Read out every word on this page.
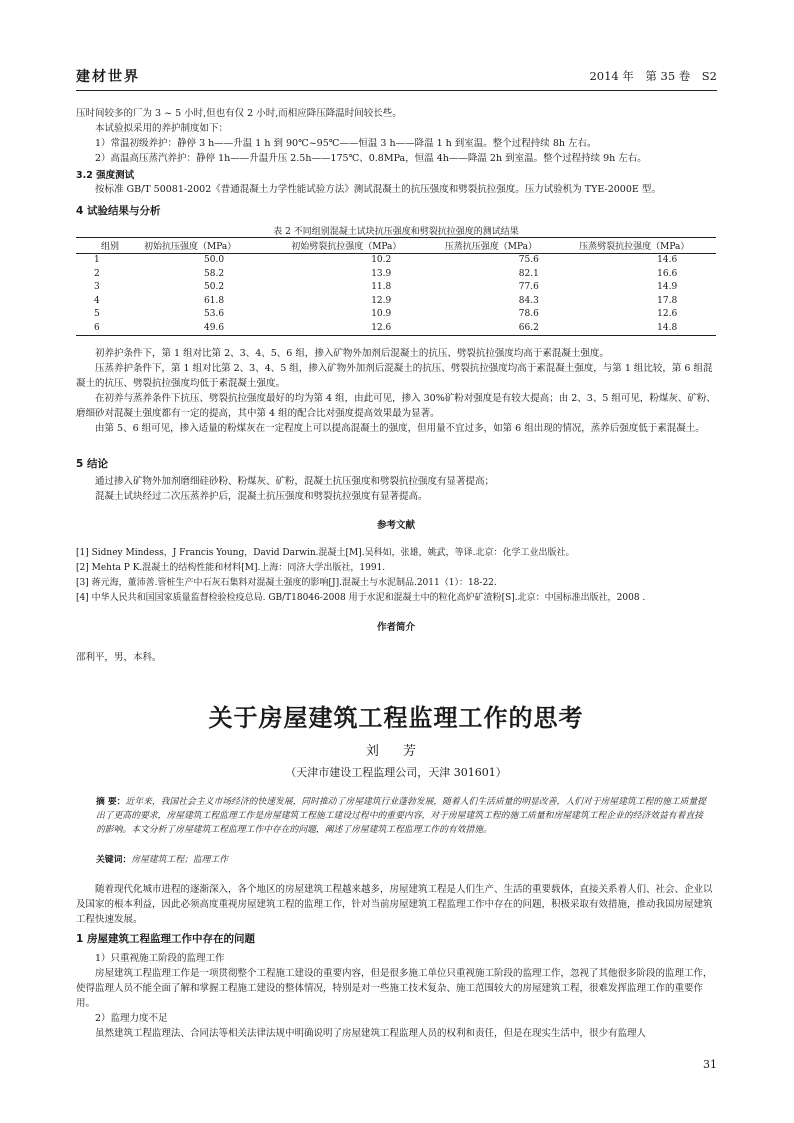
建材世界	2014 年　第 35 卷　S2
压时间较多的厂为 3 ~ 5 小时,但也有仅 2 小时,而相应降压降温时间较长些。
本试验拟采用的养护制度如下：
1）常温初级养护：静停 3 h——升温 1 h 到 90℃~95℃——恒温 3 h——降温 1 h 到室温。整个过程持续 8h 左右。
2）高温高压蒸汽养护：静停 1h——升温升压 2.5h——175℃、0.8MPa，恒温 4h——降温 2h 到室温。整个过程持续 9h 左右。
3.2 强度测试
按标准 GB/T 50081-2002《普通混凝土力学性能试验方法》测试混凝土的抗压强度和劈裂抗拉强度。压力试验机为 TYE-2000E 型。
4 试验结果与分析
表 2 不同组别混凝土试块抗压强度和劈裂抗拉强度的测试结果
组别	初始抗压强度（MPa）	初始劈裂抗拉强度（MPa）	压蒸抗压强度（MPa）	压蒸劈裂抗拉强度（MPa）
1	50.0	10.2	75.6	14.6
2	58.2	13.9	82.1	16.6
3	50.2	11.8	77.6	14.9
4	61.8	12.9	84.3	17.8
5	53.6	10.9	78.6	12.6
6	49.6	12.6	66.2	14.8
初养护条件下，第 1 组对比第 2、3、4、5、6 组，掺入矿物外加剂后混凝土的抗压、劈裂抗拉强度均高于素混凝土强度。
压蒸养护条件下，第 1 组对比第 2、3、4、5 组，掺入矿物外加剂后混凝土的抗压、劈裂抗拉强度均高于素混凝土强度，与第 1 组比较，第 6 组混凝土的抗压、劈裂抗拉强度均低于素混凝土强度。
在初养与蒸养条件下抗压、劈裂抗拉强度最好的均为第 4 组，由此可见，掺入 30%矿粉对强度是有较大提高；由 2、3、5 组可见，粉煤灰、矿粉、磨细砂对混凝土强度都有一定的提高，其中第 4 组的配合比对强度提高效果最为显著。
由第 5、6 组可见，掺入适量的粉煤灰在一定程度上可以提高混凝土的强度，但用量不宜过多，如第 6 组出现的情况，蒸养后强度低于素混凝土。
5 结论
通过掺入矿物外加剂磨细硅砂粉、粉煤灰、矿粉，混凝土抗压强度和劈裂抗拉强度有显著提高；
混凝土试块经过二次压蒸养护后，混凝土抗压强度和劈裂抗拉强度有显著提高。
参考文献
[1] Sidney Mindess，J Francis Young，David Darwin.混凝土[M].吴科如，张雄，姚武，等译.北京：化学工业出版社。
[2] Mehta P K.混凝土的结构性能和材料[M].上海：同济大学出版社，1991.
[3] 蒋元海，董沛善.管桩生产中石灰石集料对混凝土强度的影响[J].混凝土与水泥制品.2011（1）：18-22.
[4] 中华人民共和国国家质量监督检验检疫总局. GB/T18046-2008 用于水泥和混凝土中的粒化高炉矿渣粉[S].北京：中国标准出版社，2008 .
作者简介
邵利平，男，本科。
关于房屋建筑工程监理工作的思考
刘 芳
（天津市建设工程监理公司，天津 301601）
摘 要：近年来，我国社会主义市场经济的快速发展，同时推动了房屋建筑行业蓬勃发展，随着人们生活质量的明显改善，人们对于房屋建筑工程的施工质量提出了更高的要求，房屋建筑工程监理工作是房屋建筑工程施工建设过程中的重要内容，对于房屋建筑工程的施工质量和房屋建筑工程企业的经济效益有着直接的影响。本文分析了房屋建筑工程监理工作中存在的问题，阐述了房屋建筑工程监理工作的有效措施。
关键词：房屋建筑工程；监理工作
随着现代化城市进程的逐渐深入，各个地区的房屋建筑工程越来越多，房屋建筑工程是人们生产、生活的重要载体，直接关系着人们、社会、企业以及国家的根本利益，因此必须高度重视房屋建筑工程的监理工作，针对当前房屋建筑工程监理工作中存在的问题，积极采取有效措施，推动我国房屋建筑工程快速发展。
1 房屋建筑工程监理工作中存在的问题
1）只重视施工阶段的监理工作
房屋建筑工程监理工作是一项贯彻整个工程施工建设的重要内容，但是很多施工单位只重视施工阶段的监理工作，忽视了其他很多阶段的监理工作，使得监理人员不能全面了解和掌握工程施工建设的整体情况，特别是对一些施工技术复杂、施工范围较大的房屋建筑工程，很难发挥监理工作的重要作用。
2）监理力度不足
虽然建筑工程监理法、合同法等相关法律法规中明确说明了房屋建筑工程监理人员的权利和责任，但是在现实生活中，很少有监理人
31
